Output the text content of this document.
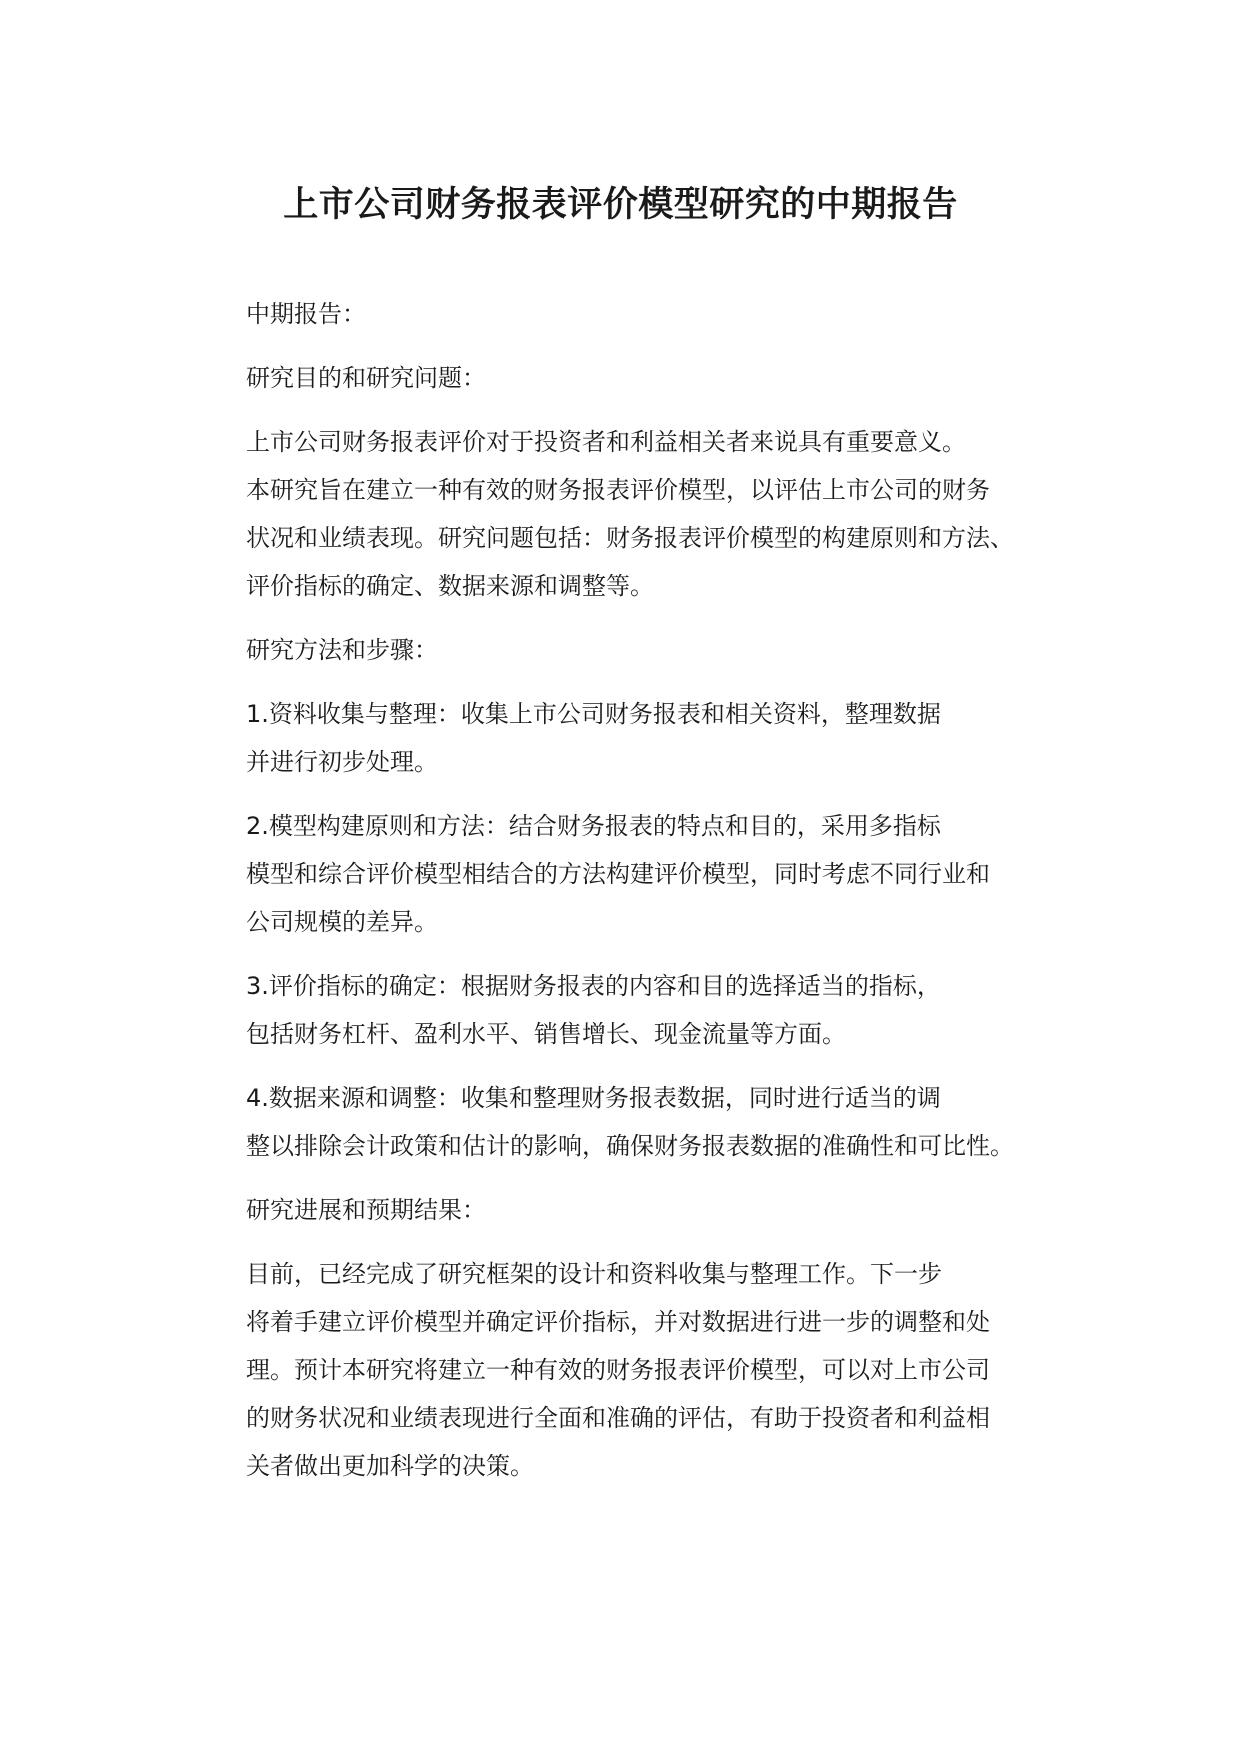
上市公司财务报表评价模型研究的中期报告

中期报告：

研究目的和研究问题：

上市公司财务报表评价对于投资者和利益相关者来说具有重要意义。
本研究旨在建立一种有效的财务报表评价模型，以评估上市公司的财务
状况和业绩表现。研究问题包括：财务报表评价模型的构建原则和方法、
评价指标的确定、数据来源和调整等。

研究方法和步骤：

1.资料收集与整理：收集上市公司财务报表和相关资料，整理数据
并进行初步处理。

2.模型构建原则和方法：结合财务报表的特点和目的，采用多指标
模型和综合评价模型相结合的方法构建评价模型，同时考虑不同行业和
公司规模的差异。

3.评价指标的确定：根据财务报表的内容和目的选择适当的指标，
包括财务杠杆、盈利水平、销售增长、现金流量等方面。

4.数据来源和调整：收集和整理财务报表数据，同时进行适当的调
整以排除会计政策和估计的影响，确保财务报表数据的准确性和可比性。

研究进展和预期结果：

目前，已经完成了研究框架的设计和资料收集与整理工作。下一步
将着手建立评价模型并确定评价指标，并对数据进行进一步的调整和处
理。预计本研究将建立一种有效的财务报表评价模型，可以对上市公司
的财务状况和业绩表现进行全面和准确的评估，有助于投资者和利益相
关者做出更加科学的决策。
